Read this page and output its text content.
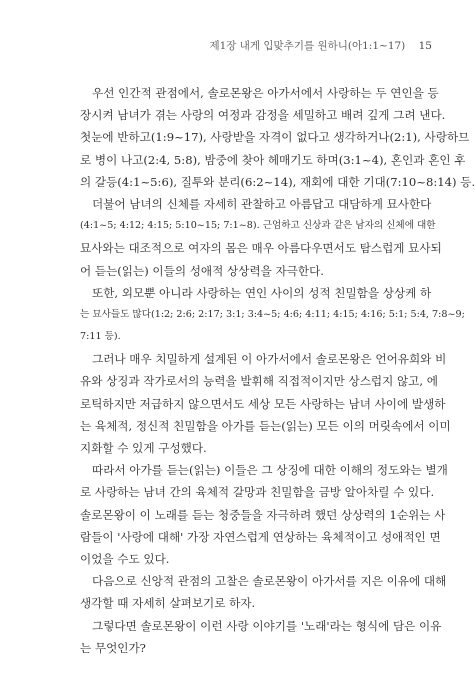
제1장 내게 입맞추기를 원하니(아1:1~17) 15
우선 인간적 관점에서, 솔로몬왕은 아가서에서 사랑하는 두 연인을 등
장시켜 남녀가 겪는 사랑의 여정과 감정을 세밀하고 배려 깊게 그려 낸다.
첫눈에 반하고(1:9~17), 사랑받을 자격이 없다고 생각하거나(2:1), 사랑하므
로 병이 나고(2:4, 5:8), 밤중에 찾아 헤매기도 하며(3:1~4), 혼인과 혼인 후
의 갈등(4:1~5:6), 질투와 분리(6:2~14), 재회에 대한 기대(7:10~8:14) 등.
더불어 남녀의 신체를 자세히 관찰하고 아름답고 대담하게 묘사한다
(4:1~5; 4:12; 4:15; 5:10~15; 7:1~8). 근엄하고 신상과 같은 남자의 신체에 대한
묘사와는 대조적으로 여자의 몸은 매우 아름다우면서도 탐스럽게 묘사되
어 듣는(읽는) 이들의 성애적 상상력을 자극한다.
또한, 외모뿐 아니라 사랑하는 연인 사이의 성적 친밀함을 상상케 하
는 묘사들도 많다(1:2; 2:6; 2:17; 3:1; 3:4~5; 4:6; 4:11; 4:15; 4:16; 5:1; 5:4, 7:8~9;
7:11 등).
그러나 매우 치밀하게 설계된 이 아가서에서 솔로몬왕은 언어유희와 비
유와 상징과 작가로서의 능력을 발휘해 직접적이지만 상스럽지 않고, 에
로틱하지만 저급하지 않으면서도 세상 모든 사랑하는 남녀 사이에 발생하
는 육체적, 정신적 친밀함을 아가를 듣는(읽는) 모든 이의 머릿속에서 이미
지화할 수 있게 구성했다.
따라서 아가를 듣는(읽는) 이들은 그 상징에 대한 이해의 정도와는 별개
로 사랑하는 남녀 간의 육체적 갈망과 친밀함을 금방 알아차릴 수 있다.
솔로몬왕이 이 노래를 듣는 청중들을 자극하려 했던 상상력의 1순위는 사
람들이 '사랑에 대해' 가장 자연스럽게 연상하는 육체적이고 성애적인 면
이었을 수도 있다.
다음으로 신앙적 관점의 고찰은 솔로몬왕이 아가서를 지은 이유에 대해
생각할 때 자세히 살펴보기로 하자.
그렇다면 솔로몬왕이 이런 사랑 이야기를 '노래'라는 형식에 담은 이유
는 무엇인가?
